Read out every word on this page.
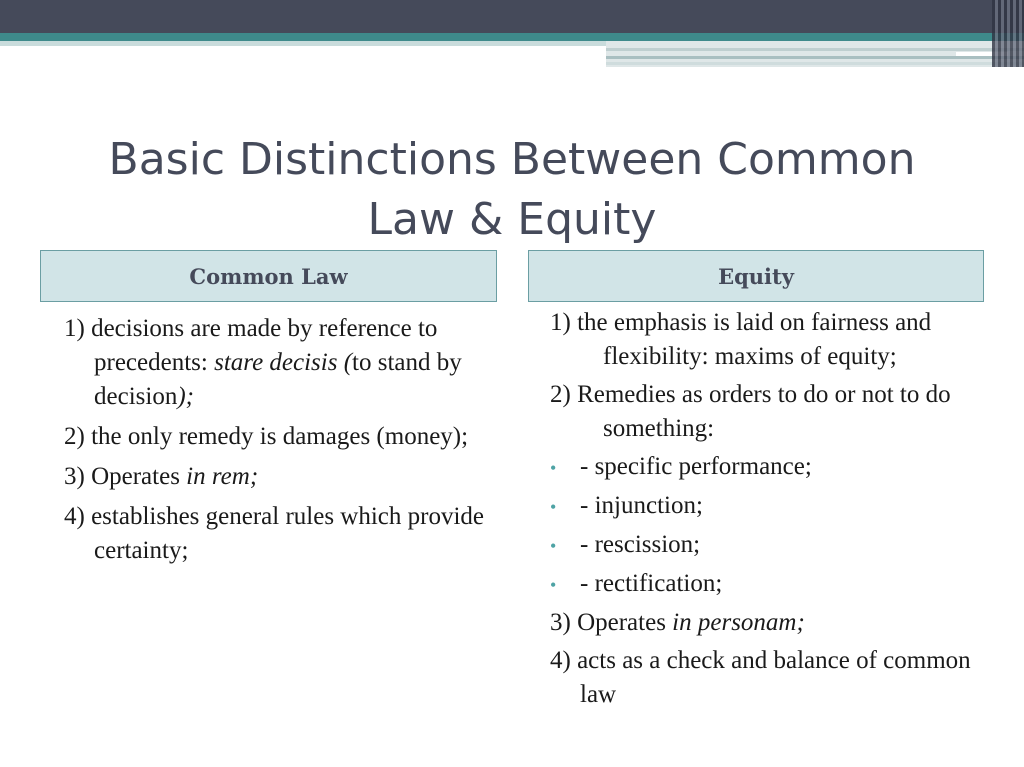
Basic Distinctions Between Common
Law & Equity
Common Law	Equity

1) decisions are made by reference to precedents: stare decisis (to stand by decision);

2) the only remedy is damages (money);

3) Operates in rem;

4) establishes general rules which provide certainty;

1) the emphasis is laid on fairness and flexibility: maxims of equity;

2) Remedies as orders to do or not to do something:

• - specific performance;
• - injunction;
• - rescission;
• - rectification;

3) Operates in personam;

4) acts as a check and balance of common law
